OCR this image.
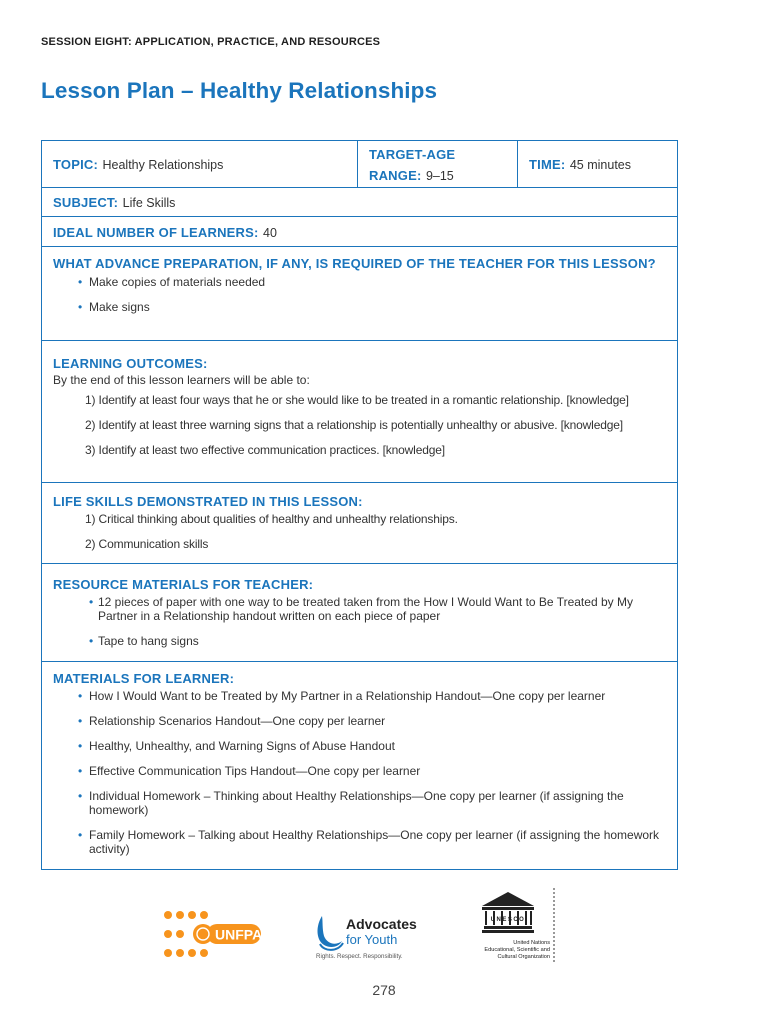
SESSION EIGHT: APPLICATION, PRACTICE, AND RESOURCES
Lesson Plan – Healthy Relationships
TOPIC: Healthy Relationships
TARGET-AGE
RANGE: 9–15
TIME: 45 minutes
SUBJECT: Life Skills
IDEAL NUMBER OF LEARNERS: 40
WHAT ADVANCE PREPARATION, IF ANY, IS REQUIRED OF THE TEACHER FOR THIS LESSON?
• Make copies of materials needed
• Make signs
LEARNING OUTCOMES:
By the end of this lesson learners will be able to:
1) Identify at least four ways that he or she would like to be treated in a romantic relationship. [knowledge]
2) Identify at least three warning signs that a relationship is potentially unhealthy or abusive. [knowledge]
3) Identify at least two effective communication practices. [knowledge]
LIFE SKILLS DEMONSTRATED IN THIS LESSON:
1) Critical thinking about qualities of healthy and unhealthy relationships.
2) Communication skills
RESOURCE MATERIALS FOR TEACHER:
• 12 pieces of paper with one way to be treated taken from the How I Would Want to Be Treated by My Partner in a Relationship handout written on each piece of paper
• Tape to hang signs
MATERIALS FOR LEARNER:
• How I Would Want to be Treated by My Partner in a Relationship Handout—One copy per learner
• Relationship Scenarios Handout—One copy per learner
• Healthy, Unhealthy, and Warning Signs of Abuse Handout
• Effective Communication Tips Handout—One copy per learner
• Individual Homework – Thinking about Healthy Relationships—One copy per learner (if assigning the homework)
• Family Homework – Talking about Healthy Relationships—One copy per learner (if assigning the homework activity)
UNFPA
Advocates
for Youth
Rights. Respect. Responsibility.
UNESCO
United Nations
Educational, Scientific and
Cultural Organization
278
